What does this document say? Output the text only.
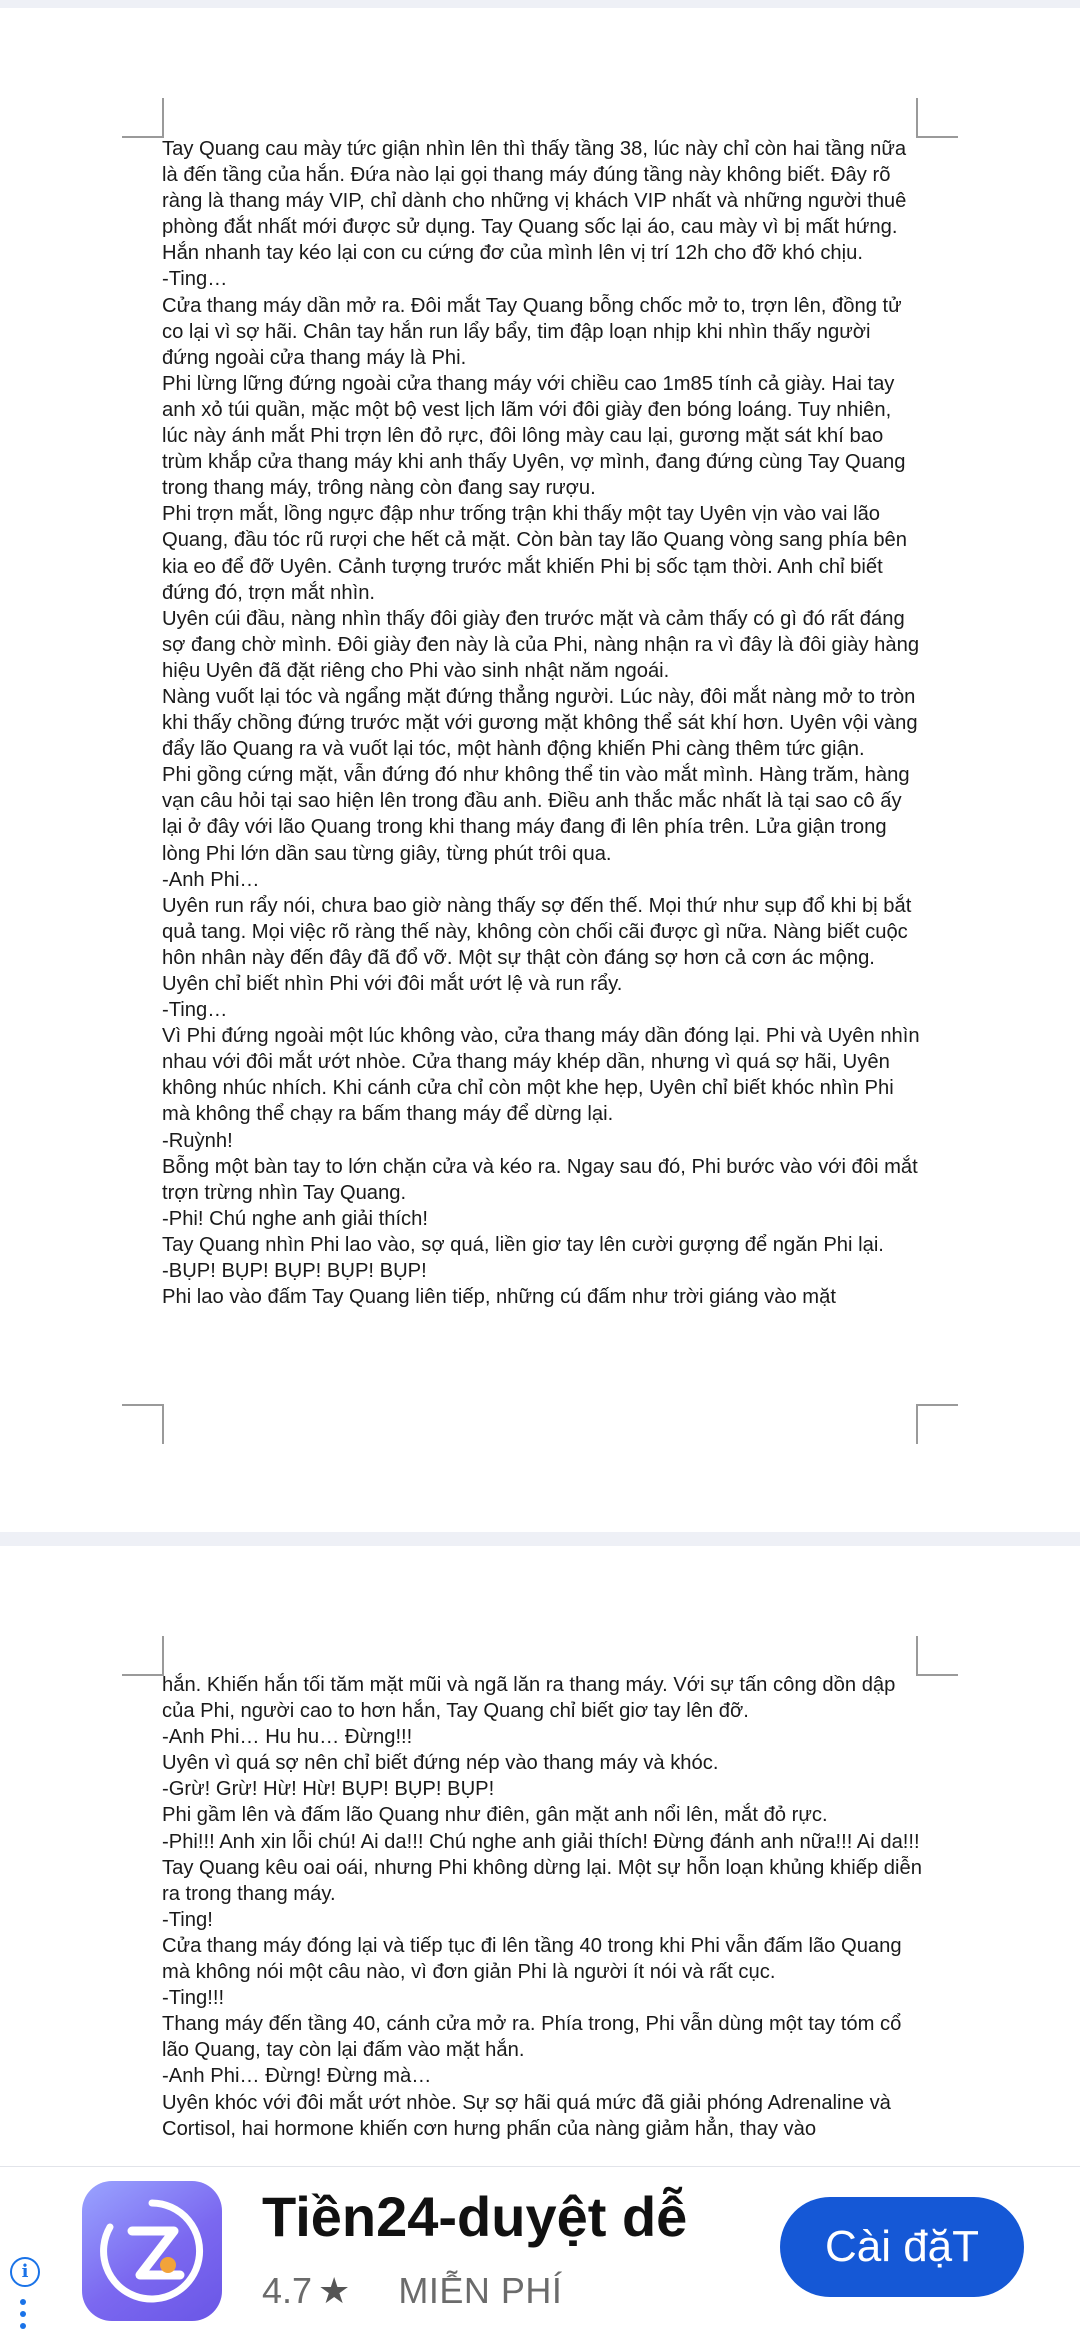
Tay Quang cau mày tức giận nhìn lên thì thấy tầng 38, lúc này chỉ còn hai tầng nữa là đến tầng của hắn. Đứa nào lại gọi thang máy đúng tầng này không biết. Đây rõ ràng là thang máy VIP, chỉ dành cho những vị khách VIP nhất và những người thuê phòng đắt nhất mới được sử dụng. Tay Quang sốc lại áo, cau mày vì bị mất hứng. Hắn nhanh tay kéo lại con cu cứng đơ của mình lên vị trí 12h cho đỡ khó chịu.

-Ting…

Cửa thang máy dần mở ra. Đôi mắt Tay Quang bỗng chốc mở to, trợn lên, đồng tử co lại vì sợ hãi. Chân tay hắn run lẩy bẩy, tim đập loạn nhịp khi nhìn thấy người đứng ngoài cửa thang máy là Phi.

Phi lừng lững đứng ngoài cửa thang máy với chiều cao 1m85 tính cả giày. Hai tay anh xỏ túi quần, mặc một bộ vest lịch lãm với đôi giày đen bóng loáng. Tuy nhiên, lúc này ánh mắt Phi trợn lên đỏ rực, đôi lông mày cau lại, gương mặt sát khí bao trùm khắp cửa thang máy khi anh thấy Uyên, vợ mình, đang đứng cùng Tay Quang trong thang máy, trông nàng còn đang say rượu.

Phi trợn mắt, lồng ngực đập như trống trận khi thấy một tay Uyên vịn vào vai lão Quang, đầu tóc rũ rượi che hết cả mặt. Còn bàn tay lão Quang vòng sang phía bên kia eo để đỡ Uyên. Cảnh tượng trước mắt khiến Phi bị sốc tạm thời. Anh chỉ biết đứng đó, trợn mắt nhìn.

Uyên cúi đầu, nàng nhìn thấy đôi giày đen trước mặt và cảm thấy có gì đó rất đáng sợ đang chờ mình. Đôi giày đen này là của Phi, nàng nhận ra vì đây là đôi giày hàng hiệu Uyên đã đặt riêng cho Phi vào sinh nhật năm ngoái.

Nàng vuốt lại tóc và ngẩng mặt đứng thẳng người. Lúc này, đôi mắt nàng mở to tròn khi thấy chồng đứng trước mặt với gương mặt không thể sát khí hơn. Uyên vội vàng đẩy lão Quang ra và vuốt lại tóc, một hành động khiến Phi càng thêm tức giận.

Phi gồng cứng mặt, vẫn đứng đó như không thể tin vào mắt mình. Hàng trăm, hàng vạn câu hỏi tại sao hiện lên trong đầu anh. Điều anh thắc mắc nhất là tại sao cô ấy lại ở đây với lão Quang trong khi thang máy đang đi lên phía trên. Lửa giận trong lòng Phi lớn dần sau từng giây, từng phút trôi qua.

-Anh Phi…

Uyên run rẩy nói, chưa bao giờ nàng thấy sợ đến thế. Mọi thứ như sụp đổ khi bị bắt quả tang. Mọi việc rõ ràng thế này, không còn chối cãi được gì nữa. Nàng biết cuộc hôn nhân này đến đây đã đổ vỡ. Một sự thật còn đáng sợ hơn cả cơn ác mộng. Uyên chỉ biết nhìn Phi với đôi mắt ướt lệ và run rẩy.

-Ting…

Vì Phi đứng ngoài một lúc không vào, cửa thang máy dần đóng lại. Phi và Uyên nhìn nhau với đôi mắt ướt nhòe. Cửa thang máy khép dần, nhưng vì quá sợ hãi, Uyên không nhúc nhích. Khi cánh cửa chỉ còn một khe hẹp, Uyên chỉ biết khóc nhìn Phi mà không thể chạy ra bấm thang máy để dừng lại.

-Ruỳnh!

Bỗng một bàn tay to lớn chặn cửa và kéo ra. Ngay sau đó, Phi bước vào với đôi mắt trợn trừng nhìn Tay Quang.

-Phi! Chú nghe anh giải thích!

Tay Quang nhìn Phi lao vào, sợ quá, liền giơ tay lên cười gượng để ngăn Phi lại.

-BỤP! BỤP! BỤP! BỤP! BỤP!

Phi lao vào đấm Tay Quang liên tiếp, những cú đấm như trời giáng vào mặt

hắn. Khiến hắn tối tăm mặt mũi và ngã lăn ra thang máy. Với sự tấn công dồn dập của Phi, người cao to hơn hắn, Tay Quang chỉ biết giơ tay lên đỡ.

-Anh Phi… Hu hu… Đừng!!!

Uyên vì quá sợ nên chỉ biết đứng nép vào thang máy và khóc.

-Grừ! Grừ! Hừ! Hừ! BỤP! BỤP! BỤP!

Phi gầm lên và đấm lão Quang như điên, gân mặt anh nổi lên, mắt đỏ rực.

-Phi!!! Anh xin lỗi chú! Ai da!!! Chú nghe anh giải thích! Đừng đánh anh nữa!!! Ai da!!!

Tay Quang kêu oai oái, nhưng Phi không dừng lại. Một sự hỗn loạn khủng khiếp diễn ra trong thang máy.

-Ting!

Cửa thang máy đóng lại và tiếp tục đi lên tầng 40 trong khi Phi vẫn đấm lão Quang mà không nói một câu nào, vì đơn giản Phi là người ít nói và rất cục.

-Ting!!!

Thang máy đến tầng 40, cánh cửa mở ra. Phía trong, Phi vẫn dùng một tay tóm cổ lão Quang, tay còn lại đấm vào mặt hắn.

-Anh Phi… Đừng! Đừng mà…

Uyên khóc với đôi mắt ướt nhòe. Sự sợ hãi quá mức đã giải phóng Adrenaline và Cortisol, hai hormone khiến cơn hưng phấn của nàng giảm hẳn, thay vào

i
Tiền24-duyệt dễ
4.7 ★ MIỄN PHÍ
Cài đặT
